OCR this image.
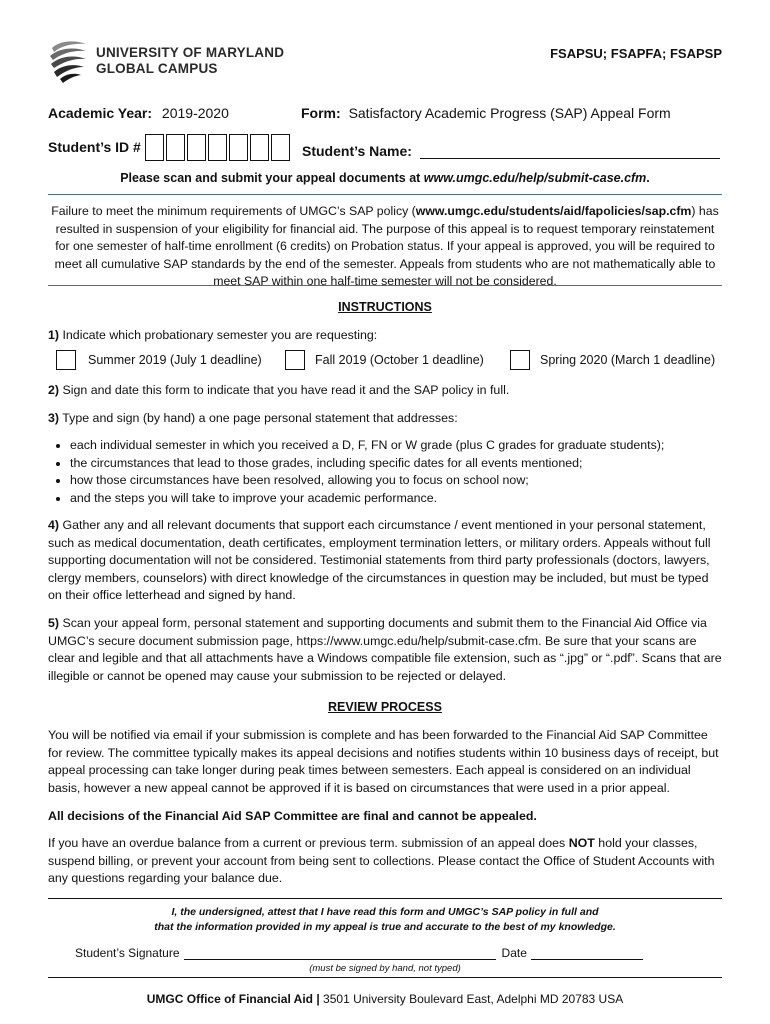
UNIVERSITY OF MARYLAND
GLOBAL CAMPUS
FSAPSU; FSAPFA; FSAPSP
Academic Year: 2019-2020	Form: Satisfactory Academic Progress (SAP) Appeal Form
Student’s ID #	Student’s Name:
Please scan and submit your appeal documents at www.umgc.edu/help/submit-case.cfm.
Failure to meet the minimum requirements of UMGC’s SAP policy (www.umgc.edu/students/aid/fapolicies/sap.cfm) has resulted in suspension of your eligibility for financial aid. The purpose of this appeal is to request temporary reinstatement for one semester of half-time enrollment (6 credits) on Probation status. If your appeal is approved, you will be required to meet all cumulative SAP standards by the end of the semester. Appeals from students who are not mathematically able to meet SAP within one half-time semester will not be considered.
INSTRUCTIONS
1) Indicate which probationary semester you are requesting:
Summer 2019 (July 1 deadline)	Fall 2019 (October 1 deadline)	Spring 2020 (March 1 deadline)
2) Sign and date this form to indicate that you have read it and the SAP policy in full.
3) Type and sign (by hand) a one page personal statement that addresses:
• each individual semester in which you received a D, F, FN or W grade (plus C grades for graduate students);
• the circumstances that lead to those grades, including specific dates for all events mentioned;
• how those circumstances have been resolved, allowing you to focus on school now;
• and the steps you will take to improve your academic performance.
4) Gather any and all relevant documents that support each circumstance / event mentioned in your personal statement, such as medical documentation, death certificates, employment termination letters, or military orders. Appeals without full supporting documentation will not be considered. Testimonial statements from third party professionals (doctors, lawyers, clergy members, counselors) with direct knowledge of the circumstances in question may be included, but must be typed on their office letterhead and signed by hand.
5) Scan your appeal form, personal statement and supporting documents and submit them to the Financial Aid Office via UMGC’s secure document submission page, https://www.umgc.edu/help/submit-case.cfm. Be sure that your scans are clear and legible and that all attachments have a Windows compatible file extension, such as “.jpg” or “.pdf”. Scans that are illegible or cannot be opened may cause your submission to be rejected or delayed.
REVIEW PROCESS
You will be notified via email if your submission is complete and has been forwarded to the Financial Aid SAP Committee for review. The committee typically makes its appeal decisions and notifies students within 10 business days of receipt, but appeal processing can take longer during peak times between semesters. Each appeal is considered on an individual basis, however a new appeal cannot be approved if it is based on circumstances that were used in a prior appeal.
All decisions of the Financial Aid SAP Committee are final and cannot be appealed.
If you have an overdue balance from a current or previous term. submission of an appeal does NOT hold your classes, suspend billing, or prevent your account from being sent to collections. Please contact the Office of Student Accounts with any questions regarding your balance due.
I, the undersigned, attest that I have read this form and UMGC’s SAP policy in full and
that the information provided in my appeal is true and accurate to the best of my knowledge.
Student’s Signature	Date
(must be signed by hand, not typed)
UMGC Office of Financial Aid | 3501 University Boulevard East, Adelphi MD 20783 USA
